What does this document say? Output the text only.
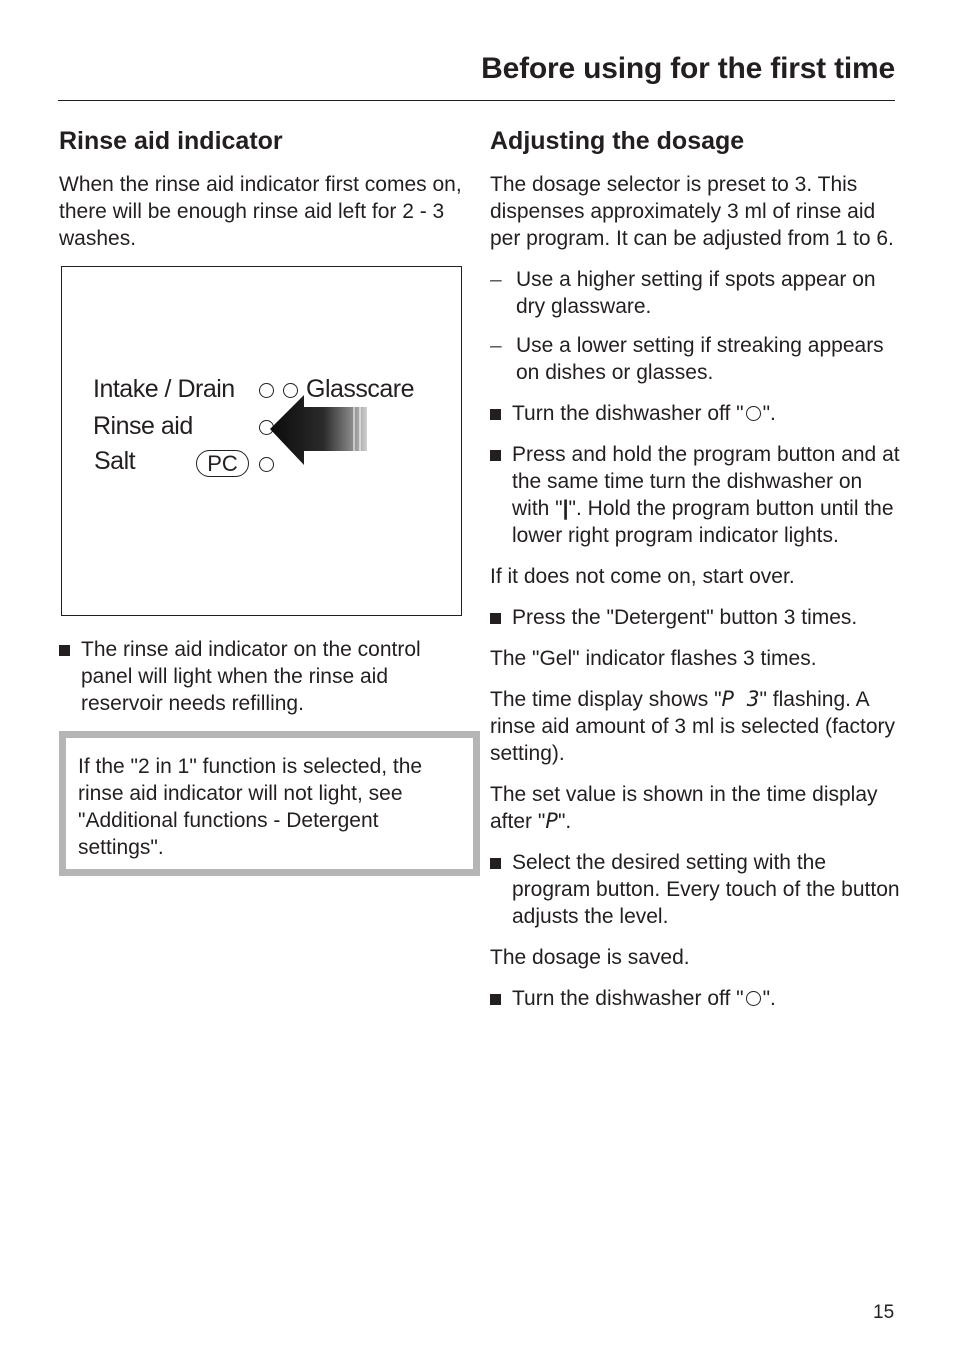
Before using for the first time
Rinse aid indicator

When the rinse aid indicator first comes on, there will be enough rinse aid left for 2 - 3 washes.

Intake / Drain	Glasscare
Rinse aid
Salt	PC
The rinse aid indicator on the control panel will light when the rinse aid reservoir needs refilling.
If the "2 in 1" function is selected, the rinse aid indicator will not light, see "Additional functions - Detergent settings".
Adjusting the dosage

The dosage selector is preset to 3. This dispenses approximately 3 ml of rinse aid per program. It can be adjusted from 1 to 6.

– Use a higher setting if spots appear on dry glassware.
– Use a lower setting if streaking appears on dishes or glasses.
Turn the dishwasher off " ".
Press and hold the program button and at the same time turn the dishwasher on with "|". Hold the program button until the lower right program indicator lights.

If it does not come on, start over.

Press the "Detergent" button 3 times.

The "Gel" indicator flashes 3 times.

The time display shows "P 3" flashing. A rinse aid amount of 3 ml is selected (factory setting).

The set value is shown in the time display after "P".

Select the desired setting with the program button. Every touch of the button adjusts the level.

The dosage is saved.

Turn the dishwasher off " ".
15
